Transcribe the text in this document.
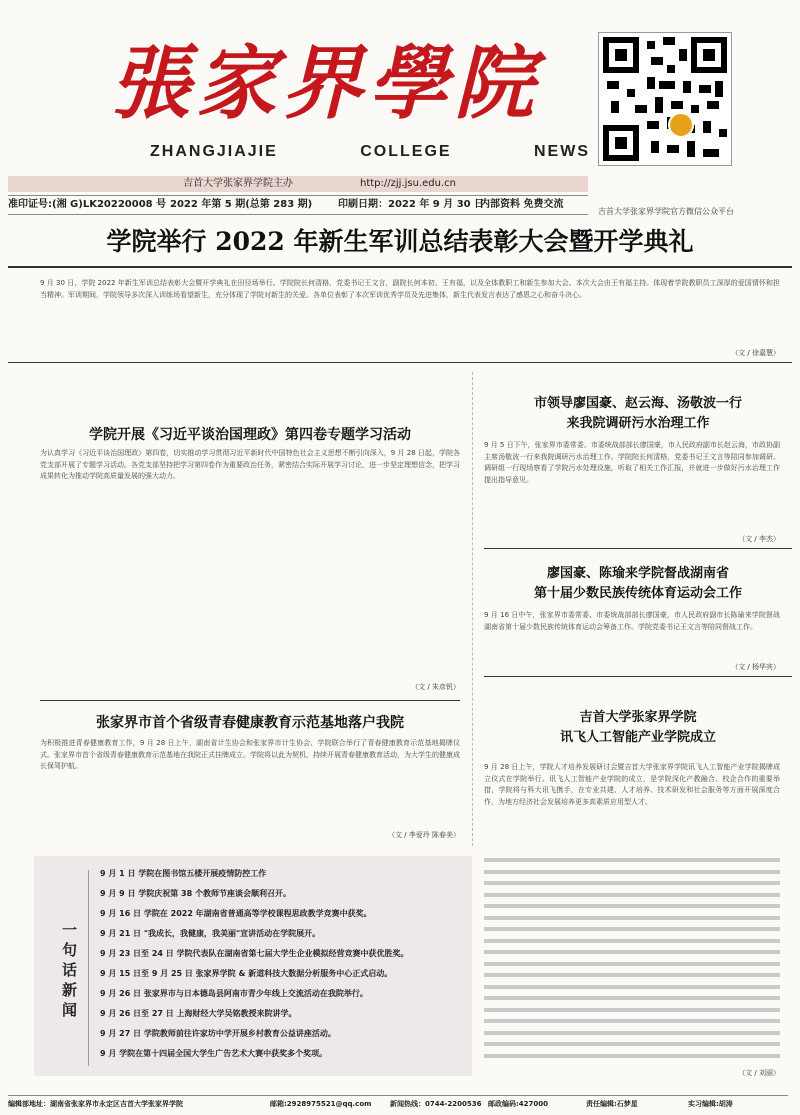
張家界學院
ZHANGJIAJIE	COLLEGE	NEWS
吉首大学张家界学院官方微信公众平台
吉首大学张家界学院主办	http://zjj.jsu.edu.cn
准印证号:(湘 G)LK20220008 号 2022 年第 5 期(总第 283 期)	印刷日期：2022 年 9 月 30 日
内部资料 免费交流
学院举行 2022 年新生军训总结表彰大会暨开学典礼
9 月 30 日，学院 2022 年新生军训总结表彰大会暨开学典礼在田径场举行。学院院长何清格、党委书记王文言，副院长何本初、王有福，以及全体教职工和新生参加大会。本次大会由王有福主持。体现着学院教职员工深厚的爱国情怀和担当精神。军训期间，学院领导多次深入训练场看望新生，充分体现了学院对新生的关爱。各单位表彰了本次军训优秀学员及先进集体，新生代表发言表达了感恩之心和奋斗决心。
（文 / 徐嘉慧）
学院开展《习近平谈治国理政》第四卷专题学习活动
为认真学习《习近平谈治国理政》第四卷，切实推动学习贯彻习近平新时代中国特色社会主义思想不断引向深入，9 月 28 日起，学院各党支部开展了专题学习活动。各党支部坚持把学习第四卷作为重要政治任务，紧密结合实际开展学习讨论，进一步坚定理想信念，把学习成果转化为推动学院高质量发展的强大动力。
（文 / 朱彦钒）
张家界市首个省级青春健康教育示范基地落户我院
为积极推进青春健康教育工作，9 月 28 日上午，湖南省计生协会和张家界市计生协会、学院联合举行了青春健康教育示范基地揭牌仪式。张家界市首个省级青春健康教育示范基地在我院正式挂牌成立。学院将以此为契机，持续开展青春健康教育活动，为大学生的健康成长保驾护航。
（文 / 李爱玲 陈春美）
市领导廖国豪、赵云海、汤敬波一行
来我院调研污水治理工作
9 月 5 日下午，张家界市委常委、市委统战部部长廖国豪，市人民政府副市长赵云海，市政协副主席汤敬波一行来我院调研污水治理工作。学院院长何清格，党委书记王文言等陪同参加调研。调研组一行现场察看了学院污水处理设施，听取了相关工作汇报，并就进一步做好污水治理工作提出指导意见。
（文 / 李杰）
廖国豪、陈瑜来学院督战湖南省
第十届少数民族传统体育运动会工作
9 月 16 日中午，张家界市委常委、市委统战部部长廖国豪，市人民政府副市长陈瑜来学院督战湖南省第十届少数民族传统体育运动会筹备工作。学院党委书记王文言等陪同督战工作。
（文 / 杨华宾）
吉首大学张家界学院
讯飞人工智能产业学院成立
9 月 28 日上午，学院人才培养发展研讨会暨吉首大学张家界学院讯飞人工智能产业学院揭牌成立仪式在学院举行。讯飞人工智能产业学院的成立，是学院深化产教融合、校企合作的重要举措，学院将与科大讯飞携手，在专业共建、人才培养、技术研发和社会服务等方面开展深度合作，为地方经济社会发展培养更多高素质应用型人才。
（文 / 刘丽）
一句话新闻
9 月 1 日 学院在图书馆五楼开展疫情防控工作
9 月 9 日 学院庆祝第 38 个教师节座谈会顺利召开。
9 月 16 日 学院在 2022 年湖南省普通高等学校课程思政教学竞赛中获奖。
9 月 21 日 "我成长，我健康，我美丽"宣讲活动在学院展开。
9 月 23 日至 24 日 学院代表队在湖南省第七届大学生企业模拟经营竞赛中获优胜奖。
9 月 15 日至 9 月 25 日 张家界学院 & 新道科技大数据分析服务中心正式启动。
9 月 26 日 张家界市与日本德岛县阿南市青少年线上交流活动在我院举行。
9 月 26 日至 27 日 上海财经大学吴铭教授来院讲学。
9 月 27 日 学院教师前往许家坊中学开展乡村教育公益讲座活动。
9 月 学院在第十四届全国大学生广告艺术大赛中获奖多个奖项。
编辑部地址：湖南省张家界市永定区吉首大学张家界学院	邮箱:2928975521@qq.com	新闻热线：0744-2200536 邮政编码:427000	责任编辑:石梦星	实习编辑:胡涛
